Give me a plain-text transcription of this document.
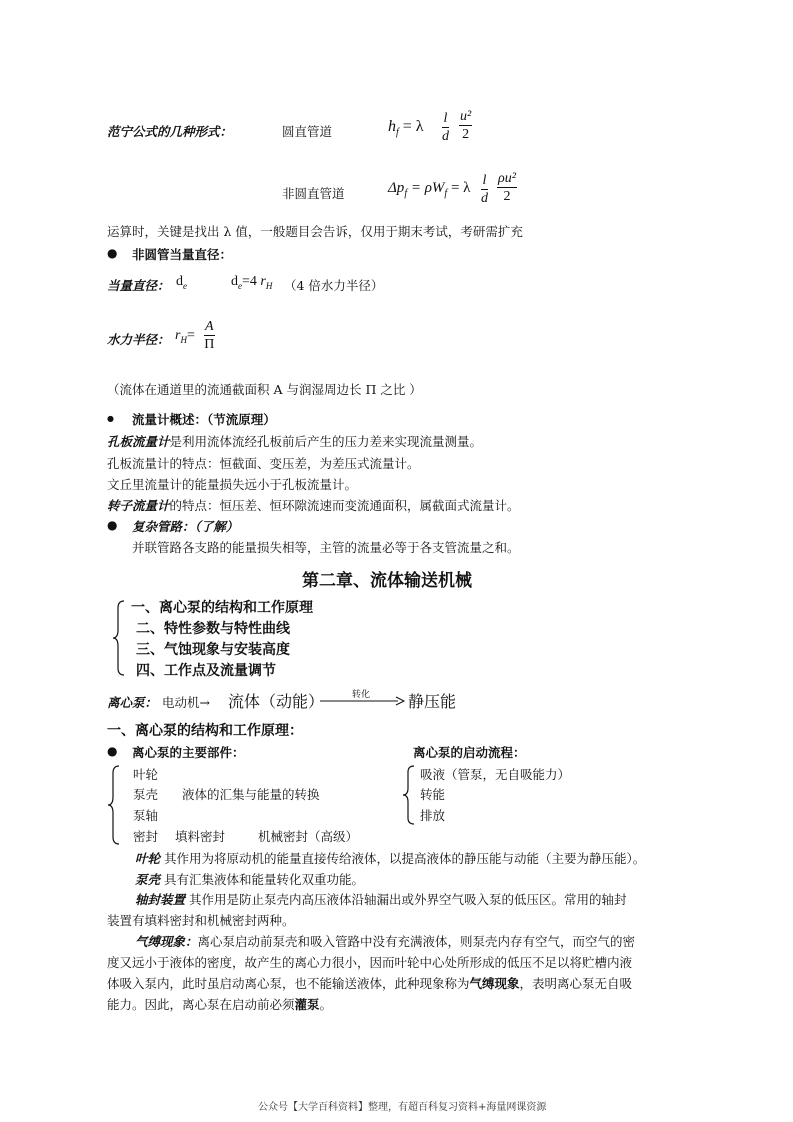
范宁公式的几种形式：	圆直管道	$h_f = \lambda \frac{l}{d} \frac{\text{u²}}{2}$
非圆直管道	$\Delta p_f = \rho W_f = \lambda \frac{l}{d} \frac{\text{ρu²}}{2}$
运算时，关键是找出 λ 值，一般题目会告诉，仅用于期末考试，考研需扩充
● 非圆管当量直径：
当量直径： $d_e$	$d_e=4$ $r_H$ （4 倍水力半径）
水力半径： $r_H= \frac{A}{\Pi}$
（流体在通道里的流通截面积 A 与润湿周边长 Π 之比 ）
● 流量计概述：（节流原理）
孔板流量计是利用流体流经孔板前后产生的压力差来实现流量测量。
孔板流量计的特点：恒截面、变压差，为差压式流量计。
文丘里流量计的能量损失远小于孔板流量计。
转子流量计的特点：恒压差、恒环隙流速而变流通面积，属截面式流量计。
● 复杂管路：（了解）
并联管路各支路的能量损失相等，主管的流量必等于各支管流量之和。
第二章、流体输送机械
一、离心泵的结构和工作原理
二、特性参数与特性曲线
三、气蚀现象与安装高度
四、工作点及流量调节
离心泵： 电动机→ 流体（动能）	转化 静压能
一、离心泵的结构和工作原理：
● 离心泵的主要部件：	离心泵的启动流程：
叶轮
泵壳 液体的汇集与能量的转换
泵轴
密封 填料密封	机械密封（高级）
吸液（管泵，无自吸能力）
转能
排放
叶轮 其作用为将原动机的能量直接传给液体，以提高液体的静压能与动能（主要为静压能）。
泵壳 具有汇集液体和能量转化双重功能。
轴封装置 其作用是防止泵壳内高压液体沿轴漏出或外界空气吸入泵的低压区。常用的轴封
装置有填料密封和机械密封两种。
气缚现象：离心泵启动前泵壳和吸入管路中没有充满液体，则泵壳内存有空气，而空气的密
度又远小于液体的密度，故产生的离心力很小，因而叶轮中心处所形成的低压不足以将贮槽内液
体吸入泵内，此时虽启动离心泵，也不能输送液体，此种现象称为气缚现象，表明离心泵无自吸
能力。因此，离心泵在启动前必须灌泵。
公众号【大学百科资料】整理，有超百科复习资料+海量网课资源
